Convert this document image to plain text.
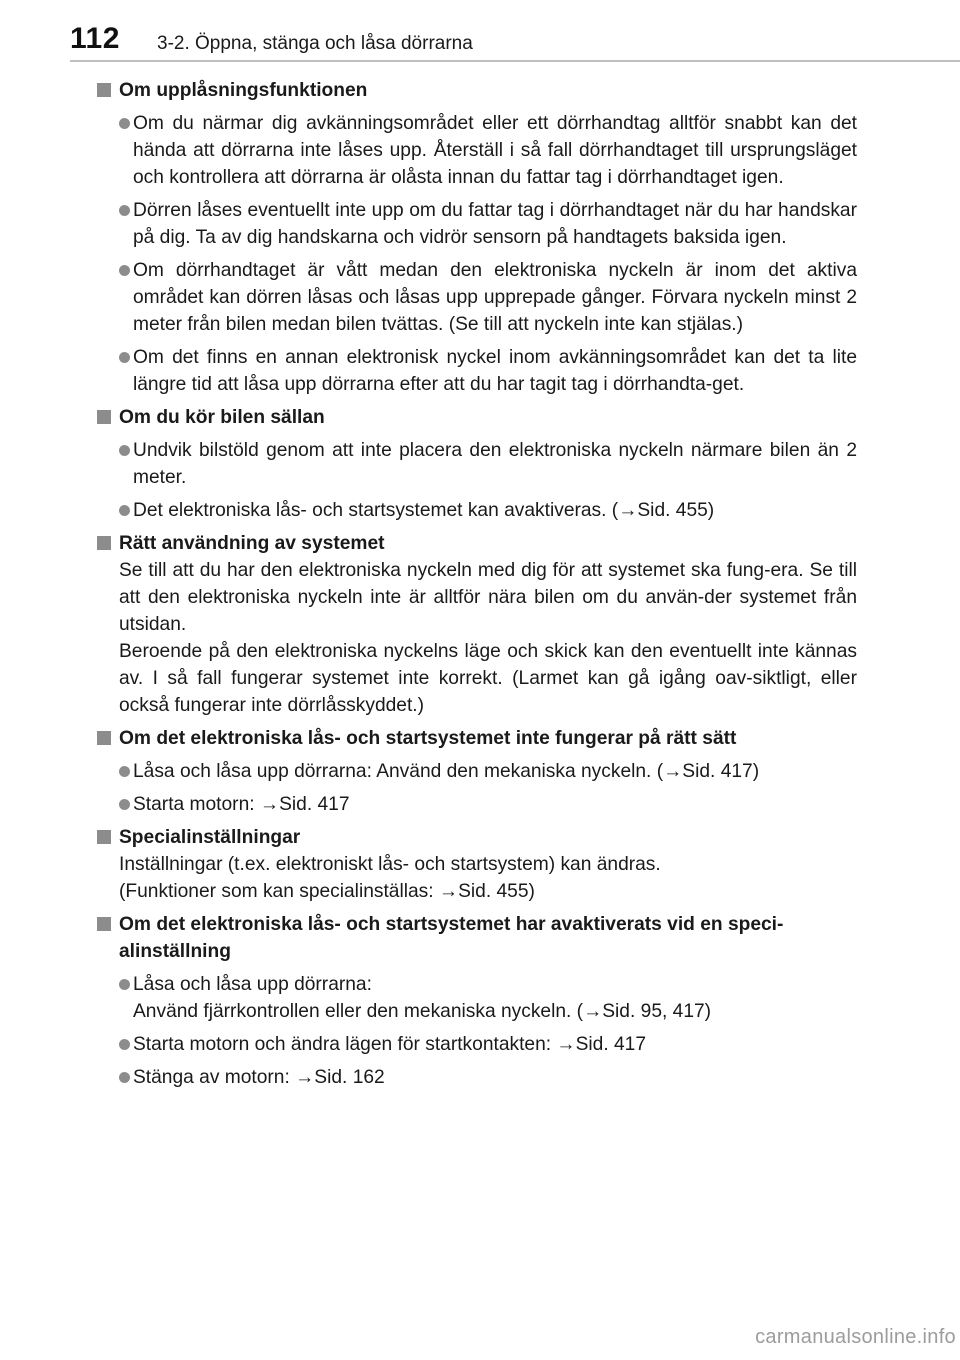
112 3-2. Öppna, stänga och låsa dörrarna
Om upplåsningsfunktionen
Om du närmar dig avkänningsområdet eller ett dörrhandtag alltför snabbt kan det hända att dörrarna inte låses upp. Återställ i så fall dörrhandtaget till ursprungsläget och kontrollera att dörrarna är olåsta innan du fattar tag i dörrhandtaget igen.
Dörren låses eventuellt inte upp om du fattar tag i dörrhandtaget när du har handskar på dig. Ta av dig handskarna och vidrör sensorn på handtagets baksida igen.
Om dörrhandtaget är vått medan den elektroniska nyckeln är inom det aktiva området kan dörren låsas och låsas upp upprepade gånger. Förvara nyckeln minst 2 meter från bilen medan bilen tvättas. (Se till att nyckeln inte kan stjälas.)
Om det finns en annan elektronisk nyckel inom avkänningsområdet kan det ta lite längre tid att låsa upp dörrarna efter att du har tagit tag i dörrhandta-get.
Om du kör bilen sällan
Undvik bilstöld genom att inte placera den elektroniska nyckeln närmare bilen än 2 meter.
Det elektroniska lås- och startsystemet kan avaktiveras. (→Sid. 455)
Rätt användning av systemet
Se till att du har den elektroniska nyckeln med dig för att systemet ska fung-era. Se till att den elektroniska nyckeln inte är alltför nära bilen om du använ-der systemet från utsidan.
Beroende på den elektroniska nyckelns läge och skick kan den eventuellt inte kännas av. I så fall fungerar systemet inte korrekt. (Larmet kan gå igång oav-siktligt, eller också fungerar inte dörrlåsskyddet.)
Om det elektroniska lås- och startsystemet inte fungerar på rätt sätt
Låsa och låsa upp dörrarna: Använd den mekaniska nyckeln. (→Sid. 417)
Starta motorn: →Sid. 417
Specialinställningar
Inställningar (t.ex. elektroniskt lås- och startsystem) kan ändras.
(Funktioner som kan specialinställas: →Sid. 455)
Om det elektroniska lås- och startsystemet har avaktiverats vid en speci-alinställning
Låsa och låsa upp dörrarna:
Använd fjärrkontrollen eller den mekaniska nyckeln. (→Sid. 95, 417)
Starta motorn och ändra lägen för startkontakten: →Sid. 417
Stänga av motorn: →Sid. 162
carmanualsonline.info
